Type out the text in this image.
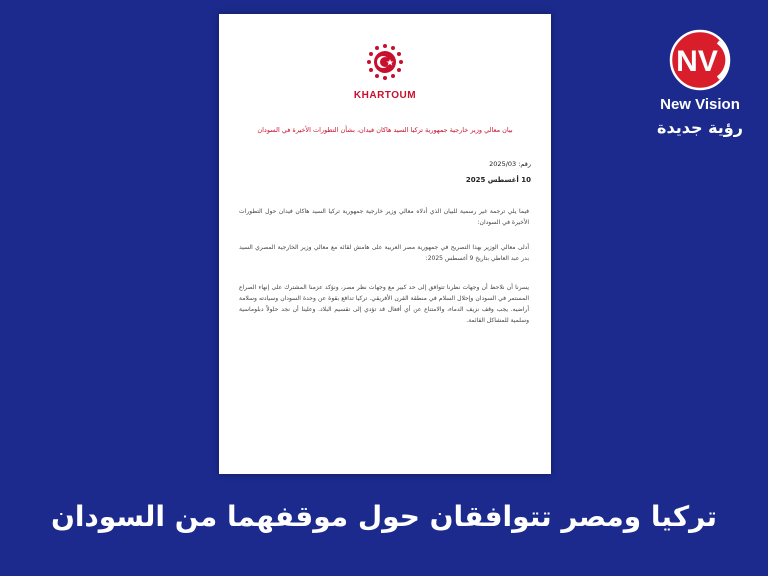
KHARTOUM
بيان معالي وزير خارجية جمهورية تركيا السيد هاكان فيدان، بشأن التطورات الأخيرة في السودان
رقم: 2025/03
10 أغسطس 2025
فيما يلي ترجمة غير رسمية للبيان الذي أدلاه معالي وزير خارجية جمهورية تركيا السيد هاكان فيدان حول التطورات الأخيرة في السودان:
أدلى معالي الوزير بهذا التصريح في جمهورية مصر العربية على هامش لقائه مع معالي وزير الخارجية المصري السيد بدر عبد العاطي بتاريخ 9 أغسطس 2025:
يسرنا أن نلاحظ أن وجهات نظرنا تتوافق إلى حد كبير مع وجهات نظر مصر، ونؤكد عزمنا المشترك على إنهاء الصراع المستمر في السودان وإحلال السلام في منطقة القرن الأفريقي. تركيا تدافع بقوة عن وحدة السودان وسيادته وسلامة أراضيه. يجب وقف نزيف الدماء، والامتناع عن أي أفعال قد تؤدي إلى تقسيم البلاد. وعلينا أن نجد حلولاً دبلوماسية وسلمية للمشاكل القائمة.
NV
New Vision
رؤية جديدة
تركيا ومصر تتوافقان حول موقفهما من السودان
